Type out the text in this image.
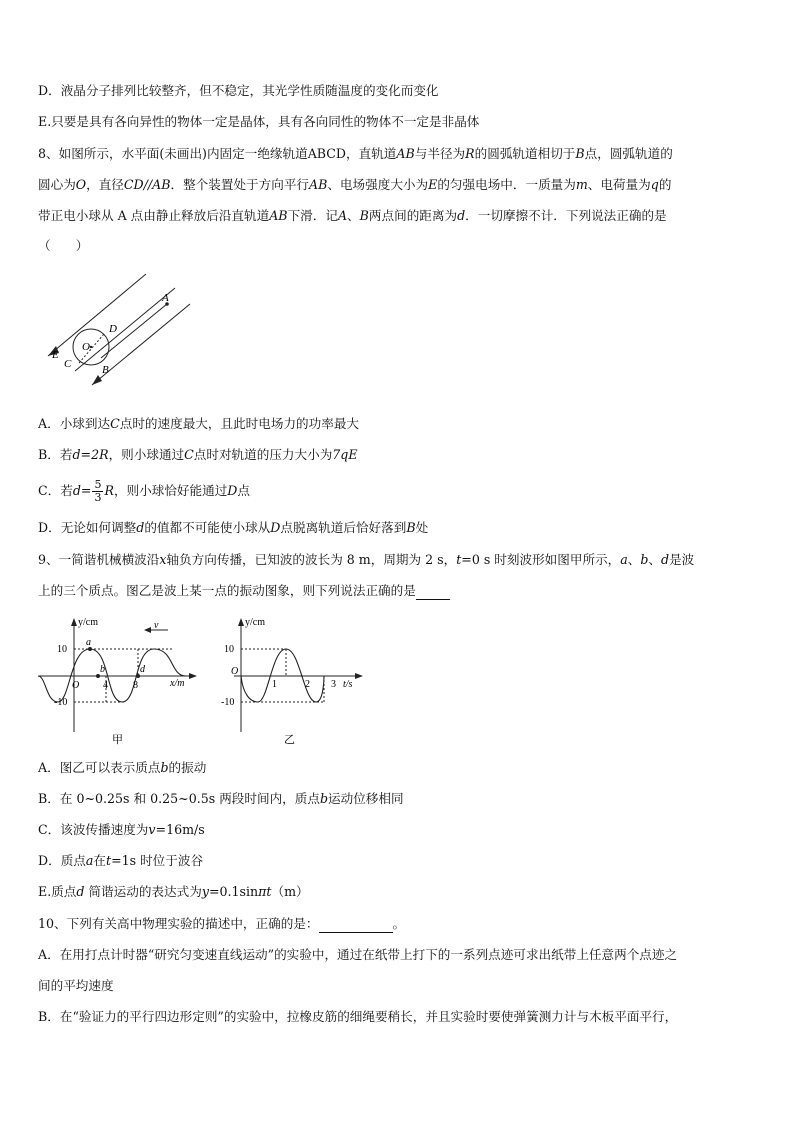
D．液晶分子排列比较整齐，但不稳定，其光学性质随温度的变化而变化
E.只要是具有各向异性的物体一定是晶体，具有各向同性的物体不一定是非晶体
8、如图所示，水平面(未画出)内固定一绝缘轨道ABCD，直轨道AB与半径为R的圆弧轨道相切于B点，圆弧轨道的
圆心为O，直径CD//AB．整个装置处于方向平行AB、电场强度大小为E的匀强电场中．一质量为m、电荷量为q的
带正电小球从 A 点由静止释放后沿直轨道AB下滑．记A、B两点间的距离为d．一切摩擦不计．下列说法正确的是
（　　）
A
D
O
E
C	B
A．小球到达C点时的速度最大，且此时电场力的功率最大
B．若d=2R，则小球通过C点时对轨道的压力大小为7qE
C．若$d= \frac{5}{3}$ R，则小球恰好能通过D点
D．无论如何调整d的值都不可能使小球从D点脱离轨道后恰好落到B处
9、一简谐机械横波沿x轴负方向传播，已知波的波长为 8 m，周期为 2 s，t=0 s 时刻波形如图甲所示，a、b、d是波
上的三个质点。图乙是波上某一点的振动图象，则下列说法正确的是
y/cm
x/m
v
10
-10
O 4	8
a
b	d
甲
y/cm
t/s
10
-10
O
1	2 3
乙
A．图乙可以表示质点b的振动
B．在 0~0.25s 和 0.25~0.5s 两段时间内，质点b运动位移相同
C．该波传播速度为v=16m/s
D．质点a在t=1s 时位于波谷
E.质点d 简谐运动的表达式为y=0.1sinπt（m）
10、下列有关高中物理实验的描述中，正确的是：	。
A．在用打点计时器“研究匀变速直线运动”的实验中，通过在纸带上打下的一系列点迹可求出纸带上任意两个点迹之
间的平均速度
B．在“验证力的平行四边形定则”的实验中，拉橡皮筋的细绳要稍长，并且实验时要使弹簧测力计与木板平面平行，
